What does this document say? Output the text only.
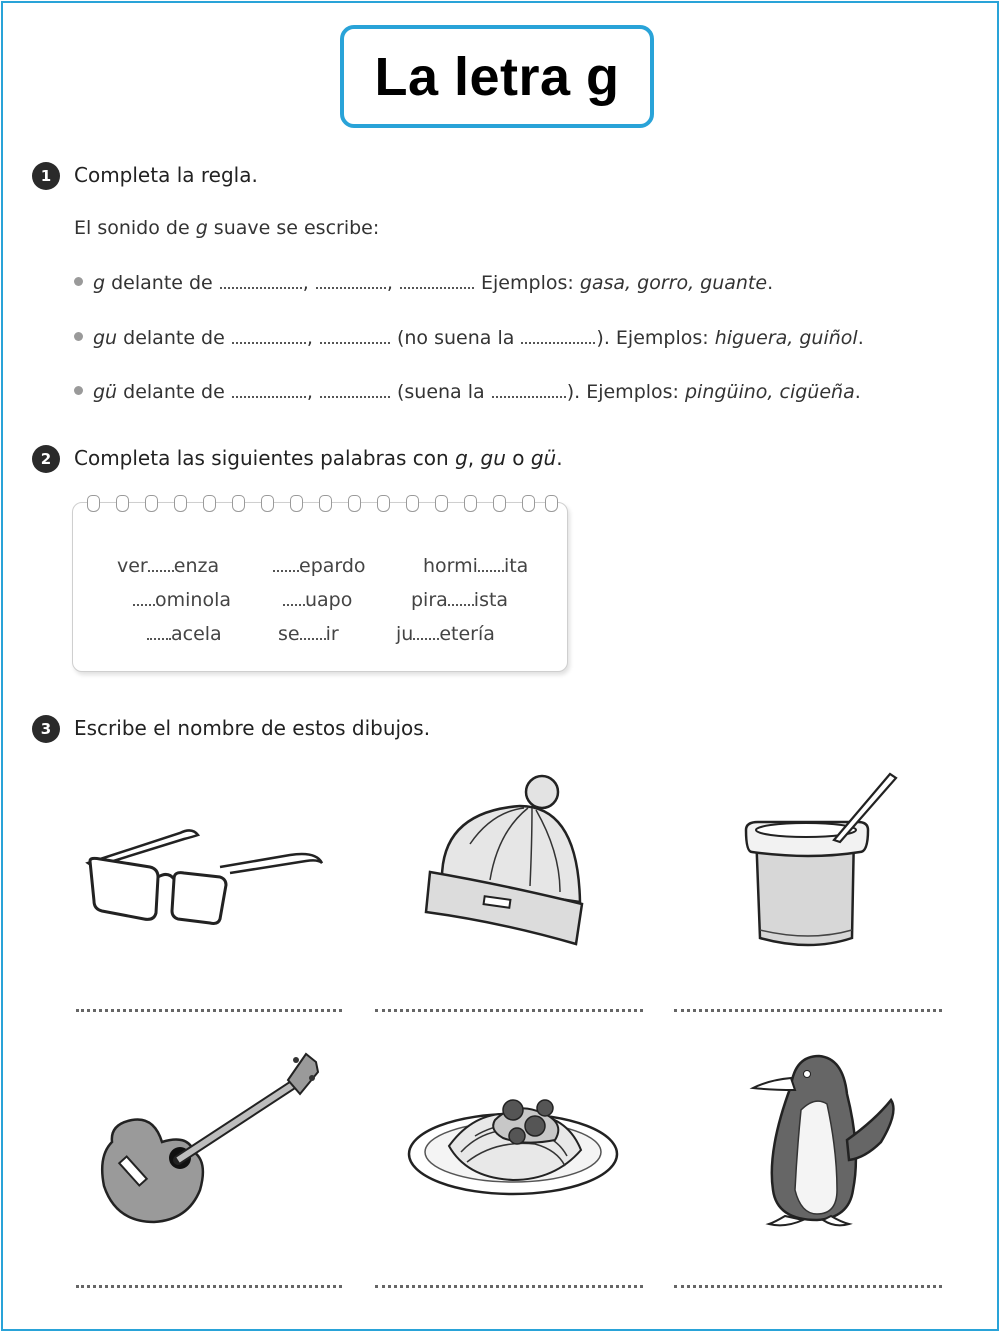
La letra g
1	Completa la regla.
El sonido de g suave se escribe:
g delante de	,	,	Ejemplos: gasa, gorro, guante.
gu delante de	,	(no suena la	). Ejemplos: higuera, guiñol.
gü delante de	,	(suena la	). Ejemplos: pingüino, cigüeña.
2	Completa las siguientes palabras con g, gu o gü.
ver enza	epardo	hormi ita
ominola	uapo	pira ista
acela	se ir	ju etería
3	Escribe el nombre de estos dibujos.
